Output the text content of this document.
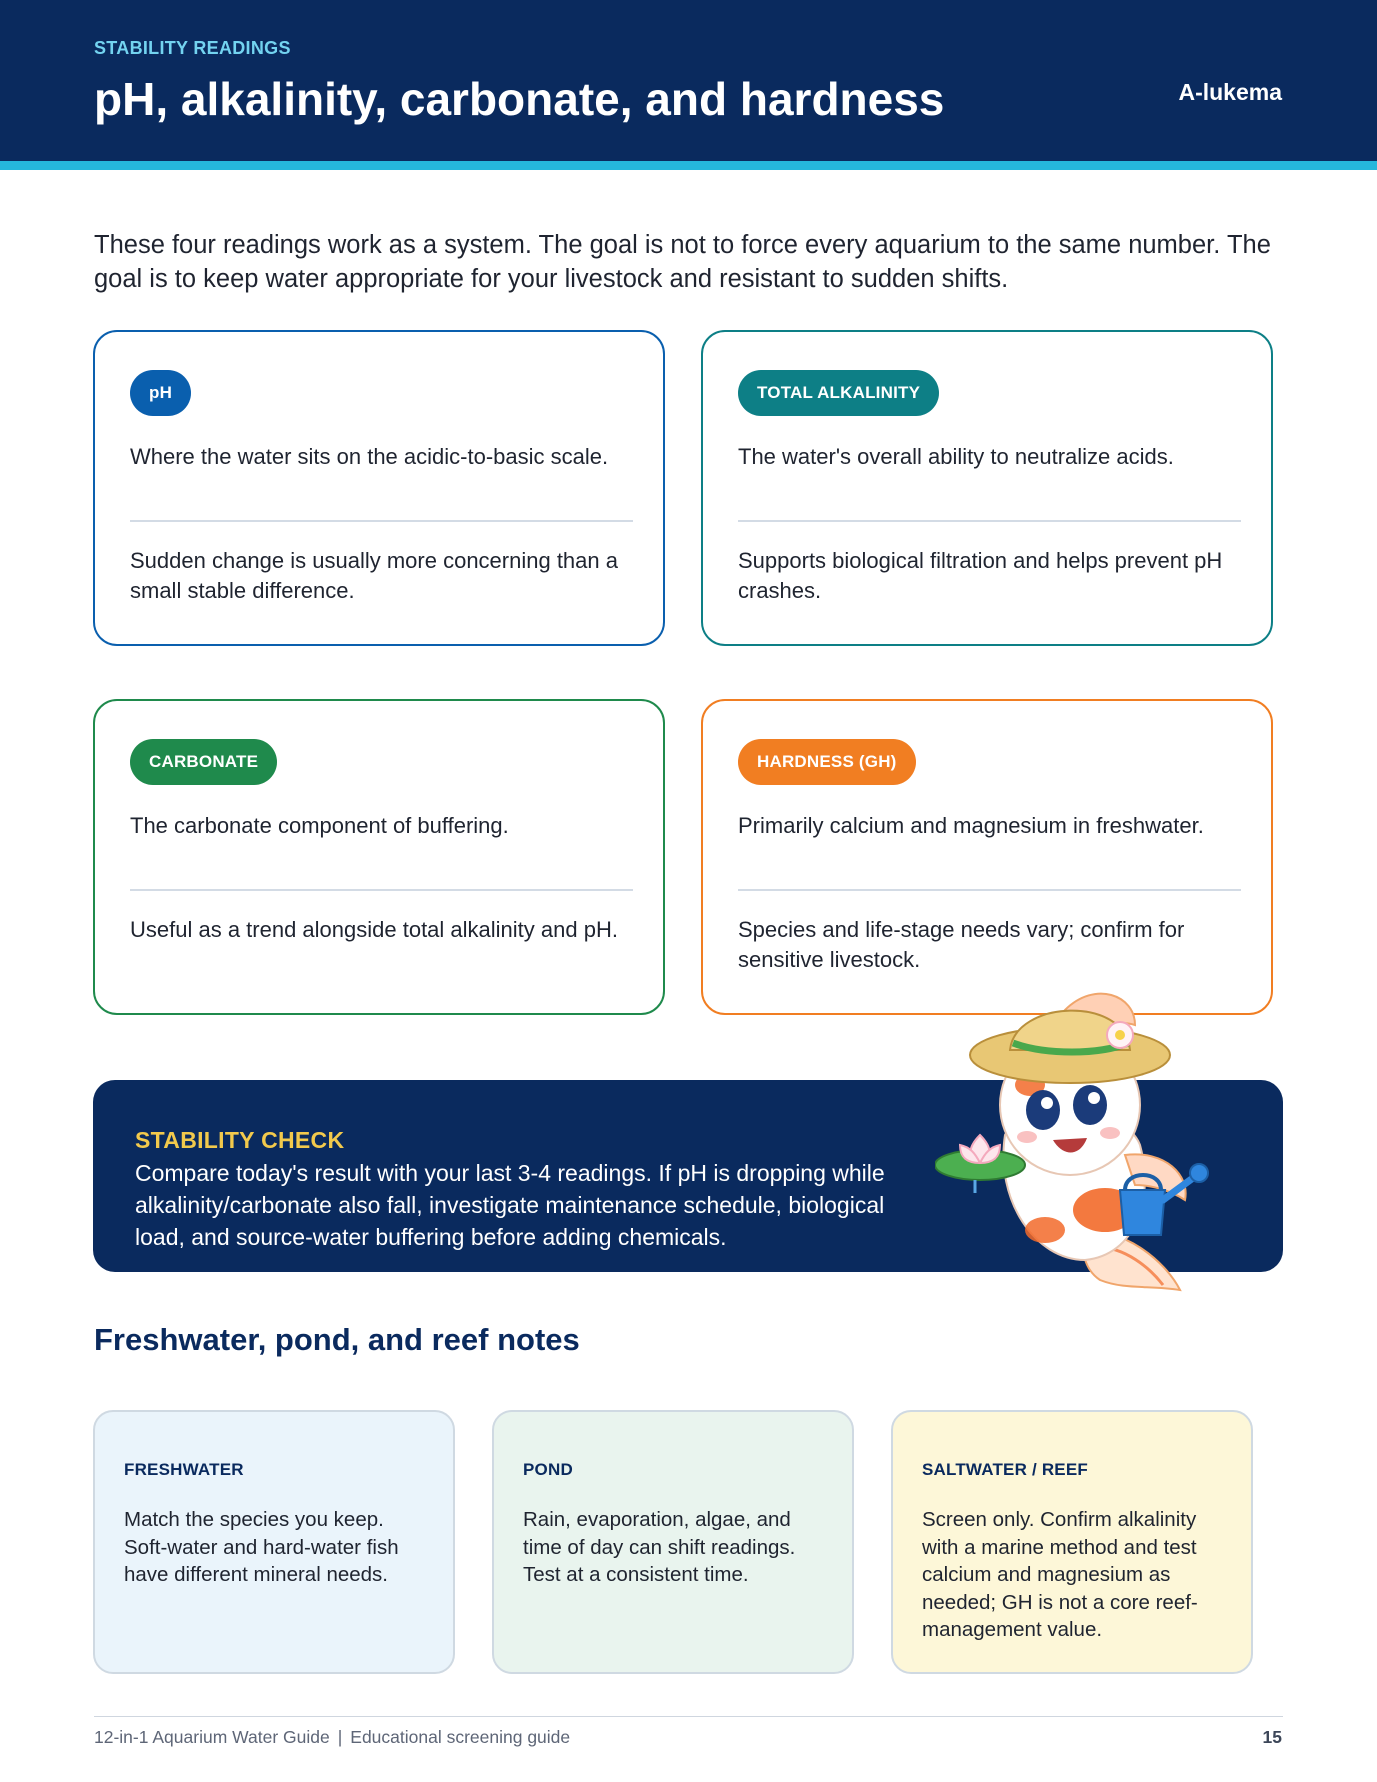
STABILITY READINGS
pH, alkalinity, carbonate, and hardness	A-lukema

These four readings work as a system. The goal is not to force every aquarium to the same number. The goal is to keep water appropriate for your livestock and resistant to sudden shifts.

pH

Where the water sits on the acidic-to-basic scale.

Sudden change is usually more concerning than a small stable difference.

TOTAL ALKALINITY

The water's overall ability to neutralize acids.

Supports biological filtration and helps prevent pH crashes.

CARBONATE

The carbonate component of buffering.

Useful as a trend alongside total alkalinity and pH.

HARDNESS (GH)

Primarily calcium and magnesium in freshwater.

Species and life-stage needs vary; confirm for sensitive livestock.

STABILITY CHECK

Compare today's result with your last 3-4 readings. If pH is dropping while alkalinity/carbonate also fall, investigate maintenance schedule, biological load, and source-water buffering before adding chemicals.

Freshwater, pond, and reef notes
FRESHWATER

Match the species you keep. Soft-water and hard-water fish have different mineral needs.

POND

Rain, evaporation, algae, and time of day can shift readings. Test at a consistent time.

SALTWATER / REEF

Screen only. Confirm alkalinity with a marine method and test calcium and magnesium as needed; GH is not a core reef-management value.

12-in-1 Aquarium Water Guide | Educational screening guide	15
